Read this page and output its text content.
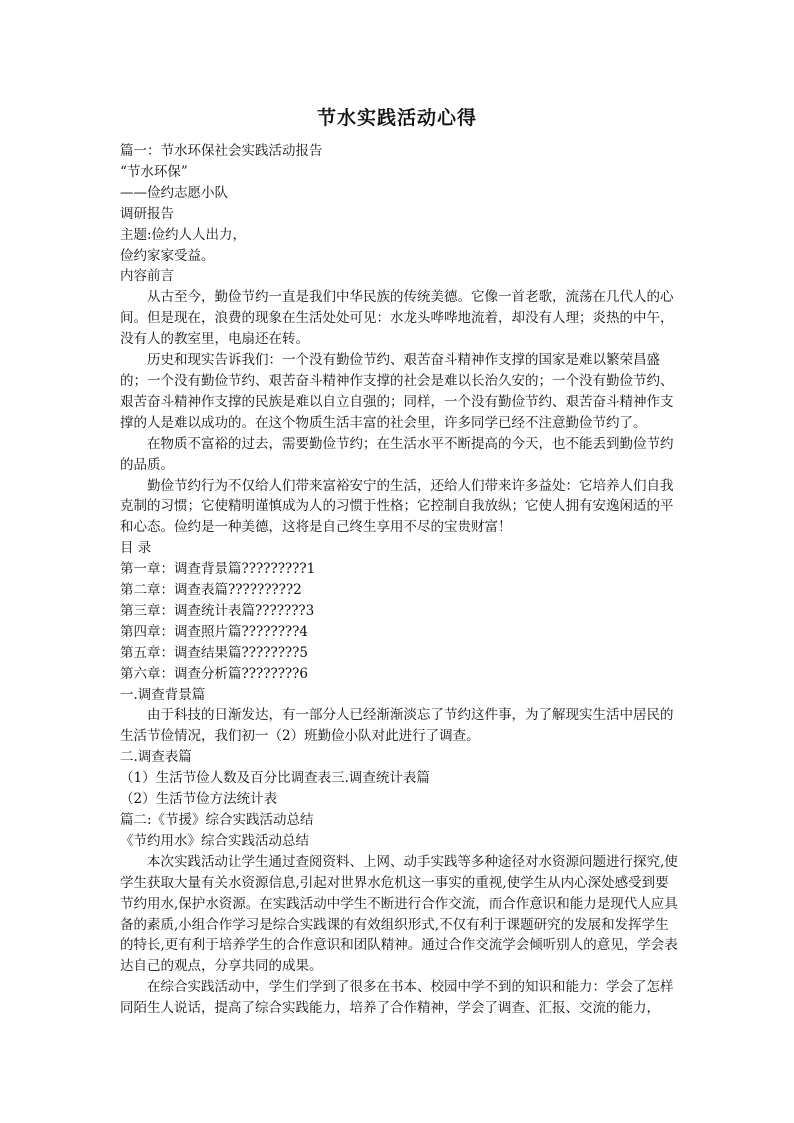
节水实践活动心得

篇一：节水环保社会实践活动报告

“节水环保”

——俭约志愿小队

调研报告

主题:俭约人人出力，

俭约家家受益。

内容前言

从古至今，勤俭节约一直是我们中华民族的传统美德。它像一首老歌，流荡在几代人的心间。但是现在，浪费的现象在生活处处可见：水龙头哗哗地流着，却没有人理；炎热的中午，没有人的教室里，电扇还在转。

历史和现实告诉我们：一个没有勤俭节约、艰苦奋斗精神作支撑的国家是难以繁荣昌盛的；一个没有勤俭节约、艰苦奋斗精神作支撑的社会是难以长治久安的；一个没有勤俭节约、艰苦奋斗精神作支撑的民族是难以自立自强的；同样，一个没有勤俭节约、艰苦奋斗精神作支撑的人是难以成功的。在这个物质生活丰富的社会里，许多同学已经不注意勤俭节约了。

在物质不富裕的过去，需要勤俭节约；在生活水平不断提高的今天，也不能丢到勤俭节约的品质。

勤俭节约行为不仅给人们带来富裕安宁的生活，还给人们带来许多益处：它培养人们自我克制的习惯；它使精明谨慎成为人的习惯于性格；它控制自我放纵；它使人拥有安逸闲适的平和心态。俭约是一种美德，这将是自己终生享用不尽的宝贵财富！

目 录

第一章：调查背景篇?????????1

第二章：调查表篇?????????2

第三章：调查统计表篇???????3

第四章：调查照片篇????????4

第五章：调查结果篇????????5

第六章：调查分析篇????????6

一.调查背景篇

由于科技的日渐发达，有一部分人已经渐渐淡忘了节约这件事，为了解现实生活中居民的生活节俭情况，我们初一（2）班勤俭小队对此进行了调查。

二.调查表篇

（1）生活节俭人数及百分比调查表三.调查统计表篇

（2）生活节俭方法统计表

篇二:《节援》综合实践活动总结

《节约用水》综合实践活动总结

本次实践活动让学生通过查阅资料、上网、动手实践等多种途径对水资源问题进行探究,使学生获取大量有关水资源信息,引起对世界水危机这一事实的重视,使学生从内心深处感受到要节约用水,保护水资源。在实践活动中学生不断进行合作交流，而合作意识和能力是现代人应具备的素质,小组合作学习是综合实践课的有效组织形式,不仅有利于课题研究的发展和发挥学生的特长,更有利于培养学生的合作意识和团队精神。通过合作交流学会倾听别人的意见，学会表达自己的观点，分享共同的成果。

在综合实践活动中，学生们学到了很多在书本、校园中学不到的知识和能力：学会了怎样同陌生人说话，提高了综合实践能力，培养了合作精神，学会了调查、汇报、交流的能力，
